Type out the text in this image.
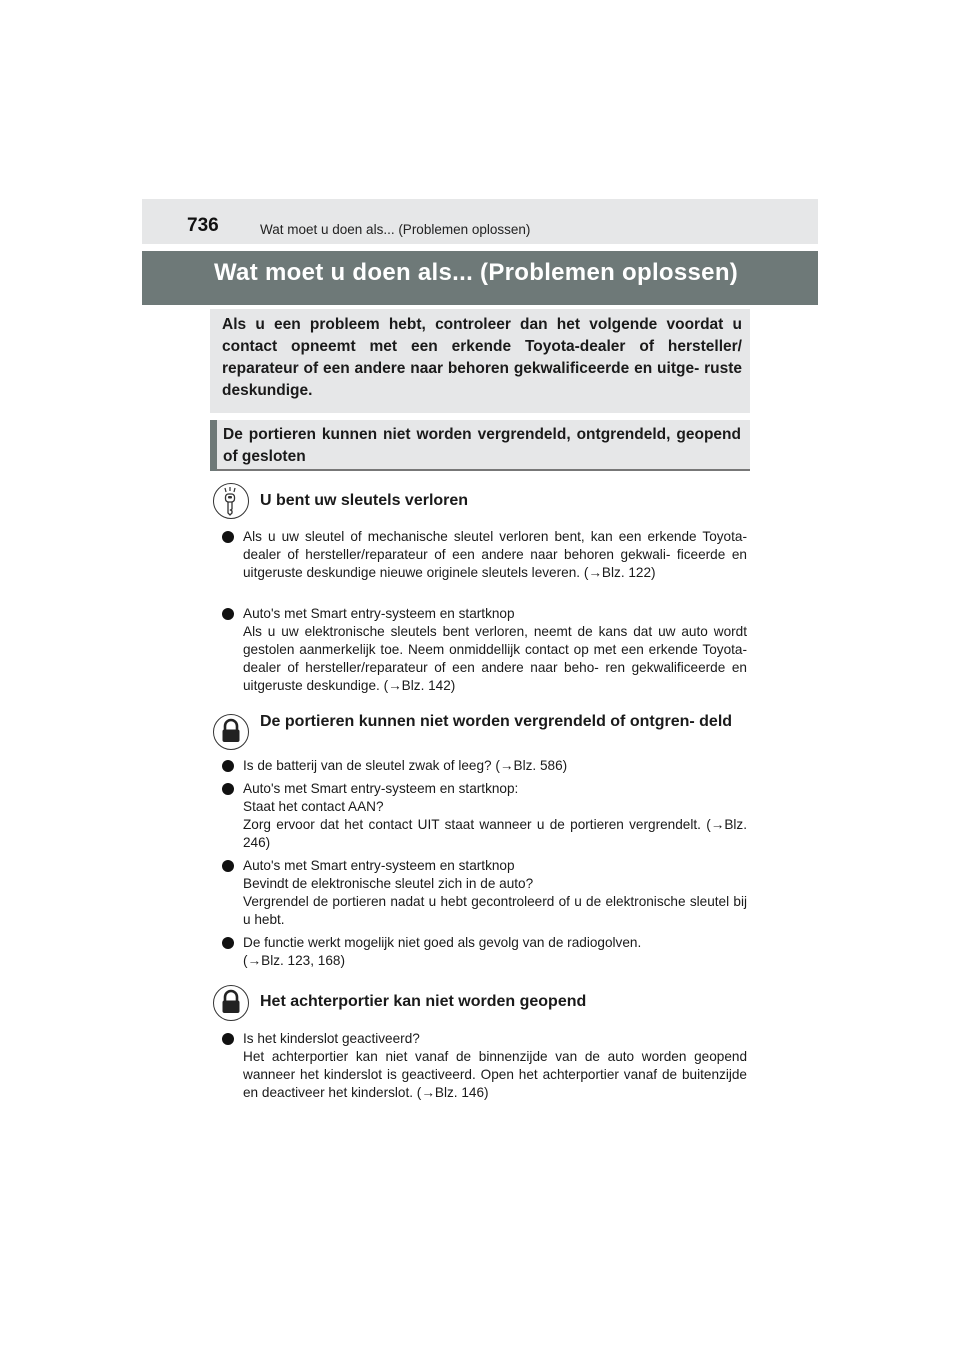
736	Wat moet u doen als... (Problemen oplossen)
Wat moet u doen als... (Problemen oplossen)
Als u een probleem hebt, controleer dan het volgende voordat u contact opneemt met een erkende Toyota-dealer of hersteller/ reparateur of een andere naar behoren gekwalificeerde en uitge- ruste deskundige.
De portieren kunnen niet worden vergrendeld, ontgrendeld, geopend of gesloten
U bent uw sleutels verloren
Als u uw sleutel of mechanische sleutel verloren bent, kan een erkende Toyota-dealer of hersteller/reparateur of een andere naar behoren gekwali- ficeerde en uitgeruste deskundige nieuwe originele sleutels leveren. (→Blz. 122)
Auto's met Smart entry-systeem en startknop
Als u uw elektronische sleutels bent verloren, neemt de kans dat uw auto wordt gestolen aanmerkelijk toe. Neem onmiddellijk contact op met een erkende Toyota-dealer of hersteller/reparateur of een andere naar beho- ren gekwalificeerde en uitgeruste deskundige. (→Blz. 142)
De portieren kunnen niet worden vergrendeld of ontgren- deld
Is de batterij van de sleutel zwak of leeg? (→Blz. 586)
Auto's met Smart entry-systeem en startknop:
Staat het contact AAN?
Zorg ervoor dat het contact UIT staat wanneer u de portieren vergrendelt. (→Blz. 246)
Auto's met Smart entry-systeem en startknop
Bevindt de elektronische sleutel zich in de auto?
Vergrendel de portieren nadat u hebt gecontroleerd of u de elektronische sleutel bij u hebt.
De functie werkt mogelijk niet goed als gevolg van de radiogolven.
(→Blz. 123, 168)
Het achterportier kan niet worden geopend
Is het kinderslot geactiveerd?
Het achterportier kan niet vanaf de binnenzijde van de auto worden geopend wanneer het kinderslot is geactiveerd. Open het achterportier vanaf de buitenzijde en deactiveer het kinderslot. (→Blz. 146)
